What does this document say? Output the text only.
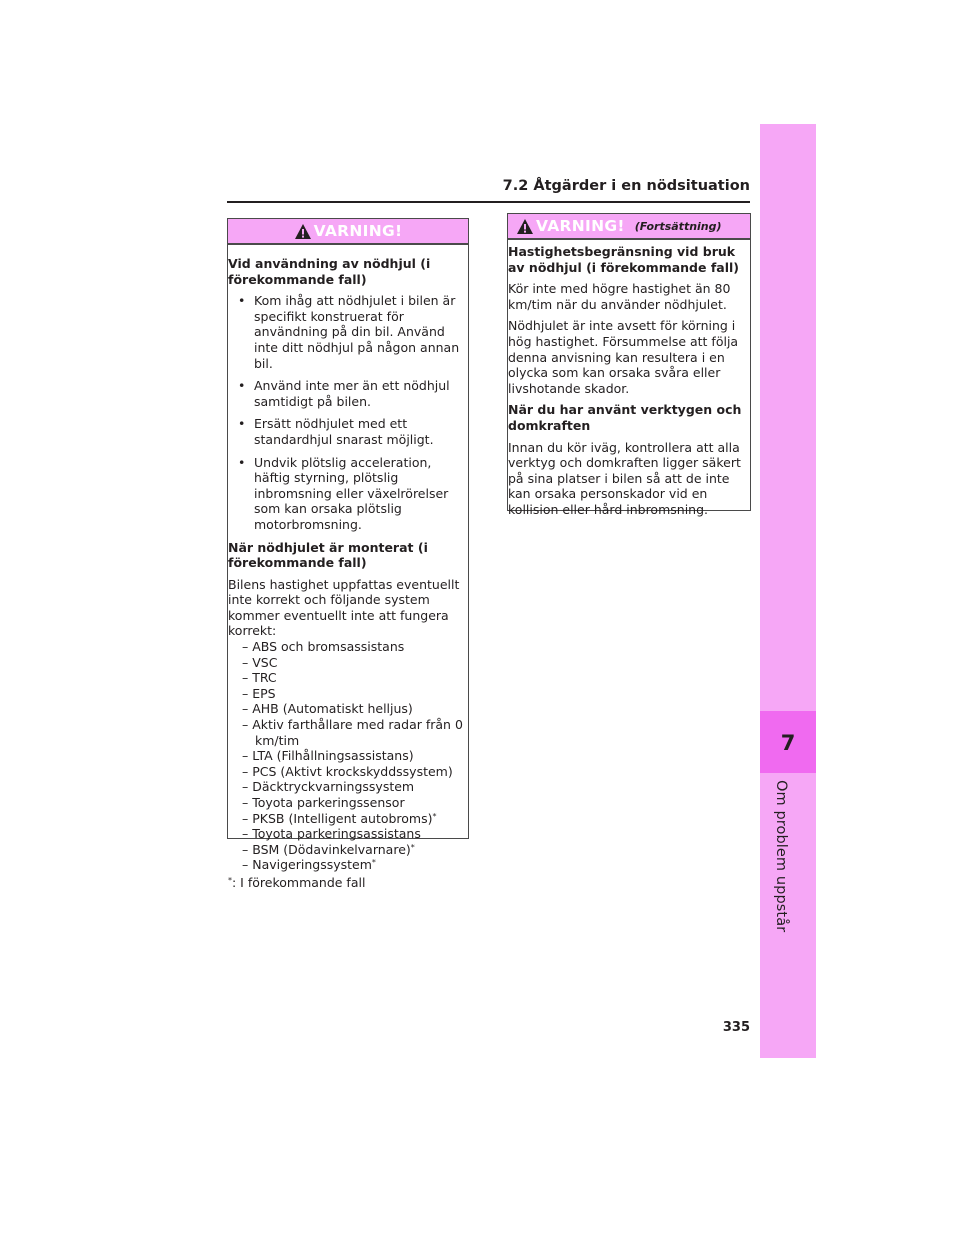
7
Om problem uppstår
7.2 Åtgärder i en nödsituation
VARNING!

Vid användning av nödhjul (i förekommande fall)

• Kom ihåg att nödhjulet i bilen är specifikt konstruerat för användning på din bil. Använd inte ditt nödhjul på någon annan bil.
• Använd inte mer än ett nödhjul samtidigt på bilen.
• Ersätt nödhjulet med ett standardhjul snarast möjligt.
• Undvik plötslig acceleration, häftig styrning, plötslig inbromsning eller växelrörelser som kan orsaka plötslig motorbromsning.

När nödhjulet är monterat (i förekommande fall)

Bilens hastighet uppfattas eventuellt inte korrekt och följande system kommer eventuellt inte att fungera korrekt:

– ABS och bromsassistans
– VSC
– TRC
– EPS
– AHB (Automatiskt helljus)
– Aktiv farthållare med radar från 0 km/tim
– LTA (Filhållningsassistans)
– PCS (Aktivt krockskyddssystem)
– Däcktryckvarningssystem
– Toyota parkeringssensor
– PKSB (Intelligent autobroms)*
– Toyota parkeringsassistans
– BSM (Dödavinkelvarnare)*
– Navigeringssystem*

*: I förekommande fall

VARNING! (Fortsättning)

Hastighetsbegränsning vid bruk av nödhjul (i förekommande fall)

Kör inte med högre hastighet än 80 km/tim när du använder nödhjulet.

Nödhjulet är inte avsett för körning i hög hastighet. Försummelse att följa denna anvisning kan resultera i en olycka som kan orsaka svåra eller livshotande skador.

När du har använt verktygen och domkraften

Innan du kör iväg, kontrollera att alla verktyg och domkraften ligger säkert på sina platser i bilen så att de inte kan orsaka personskador vid en kollision eller hård inbromsning.

335
